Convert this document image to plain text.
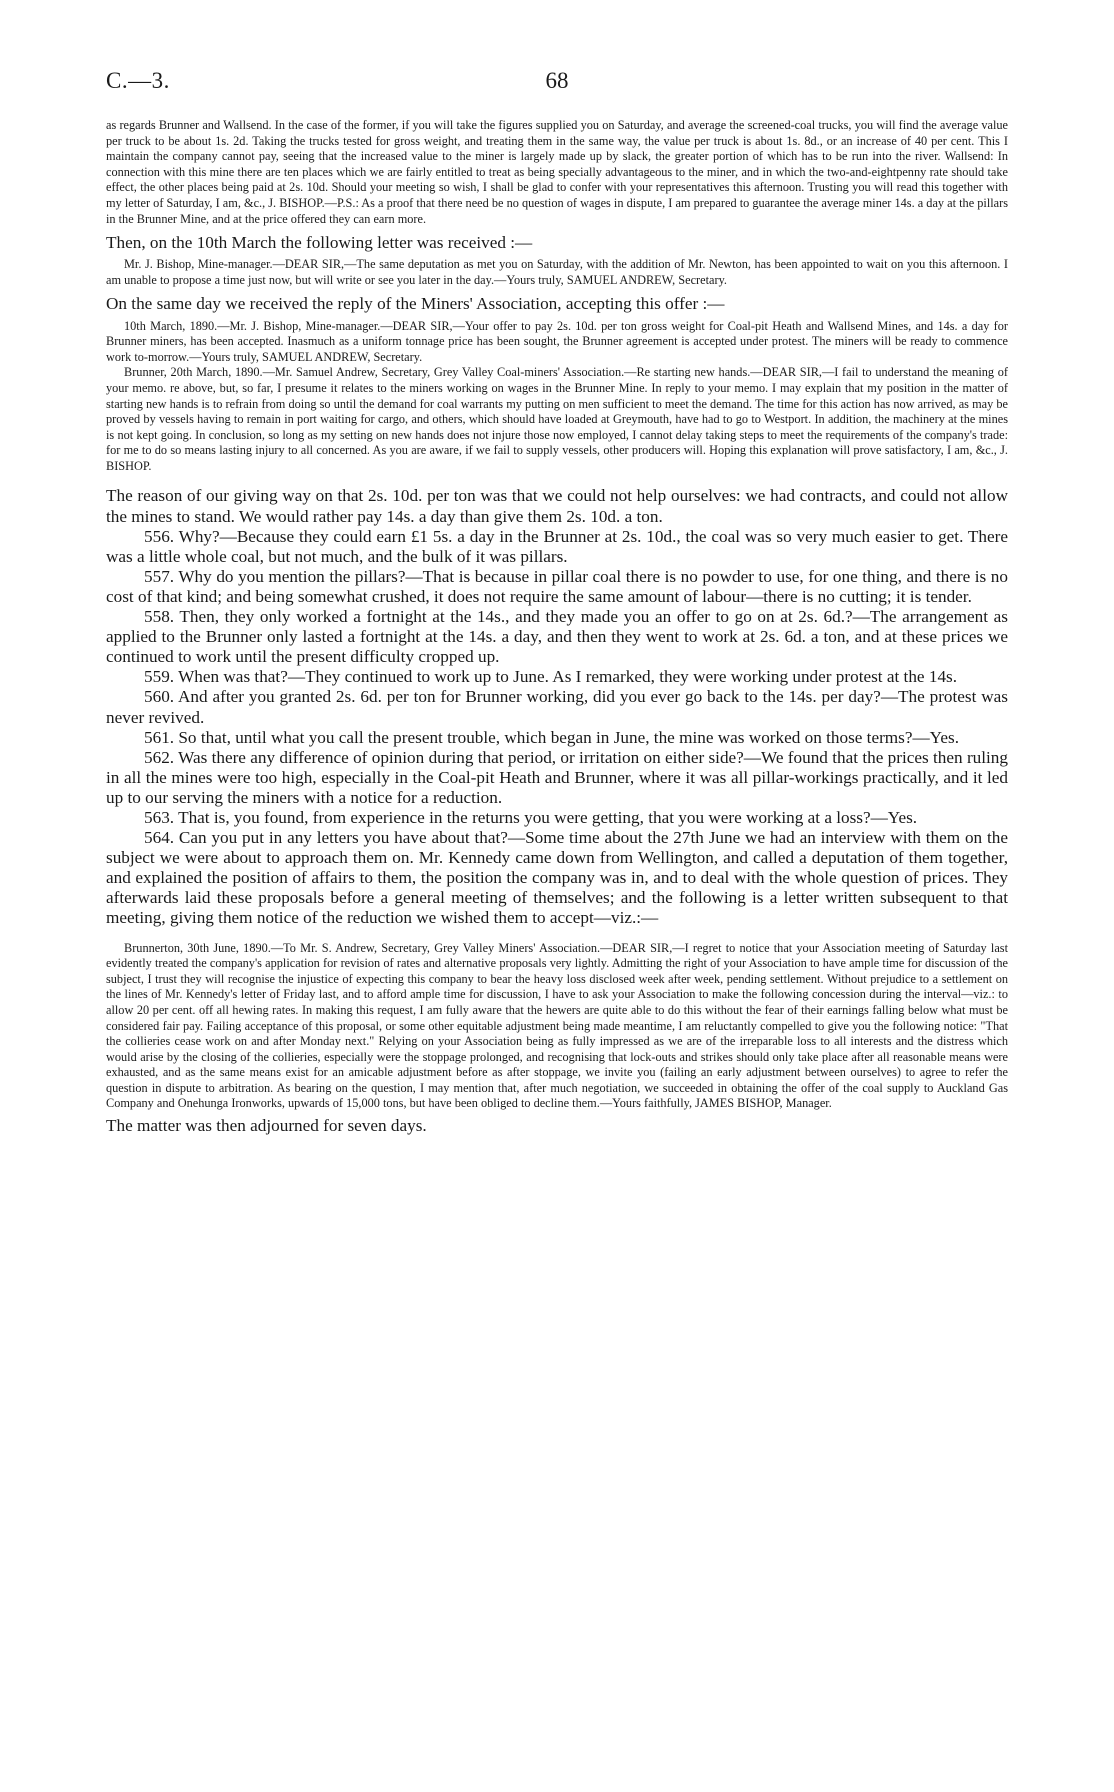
C.—3.	68

as regards Brunner and Wallsend. In the case of the former, if you will take the figures supplied you on Saturday, and average the screened-coal trucks, you will find the average value per truck to be about 1s. 2d. Taking the trucks tested for gross weight, and treating them in the same way, the value per truck is about 1s. 8d., or an increase of 40 per cent. This I maintain the company cannot pay, seeing that the increased value to the miner is largely made up by slack, the greater portion of which has to be run into the river. Wallsend: In connection with this mine there are ten places which we are fairly entitled to treat as being specially advantageous to the miner, and in which the two-and-eightpenny rate should take effect, the other places being paid at 2s. 10d. Should your meeting so wish, I shall be glad to confer with your representatives this afternoon. Trusting you will read this together with my letter of Saturday, I am, &c., J. BISHOP.—P.S.: As a proof that there need be no question of wages in dispute, I am prepared to guarantee the average miner 14s. a day at the pillars in the Brunner Mine, and at the price offered they can earn more.

Then, on the 10th March the following letter was received :—

Mr. J. Bishop, Mine-manager.—DEAR SIR,—The same deputation as met you on Saturday, with the addition of Mr. Newton, has been appointed to wait on you this afternoon. I am unable to propose a time just now, but will write or see you later in the day.—Yours truly, SAMUEL ANDREW, Secretary.

On the same day we received the reply of the Miners' Association, accepting this offer :—

10th March, 1890.—Mr. J. Bishop, Mine-manager.—DEAR SIR,—Your offer to pay 2s. 10d. per ton gross weight for Coal-pit Heath and Wallsend Mines, and 14s. a day for Brunner miners, has been accepted. Inasmuch as a uniform tonnage price has been sought, the Brunner agreement is accepted under protest. The miners will be ready to commence work to-morrow.—Yours truly, SAMUEL ANDREW, Secretary.

Brunner, 20th March, 1890.—Mr. Samuel Andrew, Secretary, Grey Valley Coal-miners' Association.—Re starting new hands.—DEAR SIR,—I fail to understand the meaning of your memo. re above, but, so far, I presume it relates to the miners working on wages in the Brunner Mine. In reply to your memo. I may explain that my position in the matter of starting new hands is to refrain from doing so until the demand for coal warrants my putting on men sufficient to meet the demand. The time for this action has now arrived, as may be proved by vessels having to remain in port waiting for cargo, and others, which should have loaded at Greymouth, have had to go to Westport. In addition, the machinery at the mines is not kept going. In conclusion, so long as my setting on new hands does not injure those now employed, I cannot delay taking steps to meet the requirements of the company's trade: for me to do so means lasting injury to all concerned. As you are aware, if we fail to supply vessels, other producers will. Hoping this explanation will prove satisfactory, I am, &c., J. BISHOP.

The reason of our giving way on that 2s. 10d. per ton was that we could not help ourselves: we had contracts, and could not allow the mines to stand. We would rather pay 14s. a day than give them 2s. 10d. a ton.

556. Why?—Because they could earn £1 5s. a day in the Brunner at 2s. 10d., the coal was so very much easier to get. There was a little whole coal, but not much, and the bulk of it was pillars.

557. Why do you mention the pillars?—That is because in pillar coal there is no powder to use, for one thing, and there is no cost of that kind; and being somewhat crushed, it does not require the same amount of labour—there is no cutting; it is tender.

558. Then, they only worked a fortnight at the 14s., and they made you an offer to go on at 2s. 6d.?—The arrangement as applied to the Brunner only lasted a fortnight at the 14s. a day, and then they went to work at 2s. 6d. a ton, and at these prices we continued to work until the present difficulty cropped up.

559. When was that?—They continued to work up to June. As I remarked, they were working under protest at the 14s.

560. And after you granted 2s. 6d. per ton for Brunner working, did you ever go back to the 14s. per day?—The protest was never revived.

561. So that, until what you call the present trouble, which began in June, the mine was worked on those terms?—Yes.

562. Was there any difference of opinion during that period, or irritation on either side?—We found that the prices then ruling in all the mines were too high, especially in the Coal-pit Heath and Brunner, where it was all pillar-workings practically, and it led up to our serving the miners with a notice for a reduction.

563. That is, you found, from experience in the returns you were getting, that you were working at a loss?—Yes.

564. Can you put in any letters you have about that?—Some time about the 27th June we had an interview with them on the subject we were about to approach them on. Mr. Kennedy came down from Wellington, and called a deputation of them together, and explained the position of affairs to them, the position the company was in, and to deal with the whole question of prices. They afterwards laid these proposals before a general meeting of themselves; and the following is a letter written subsequent to that meeting, giving them notice of the reduction we wished them to accept—viz.:—

Brunnerton, 30th June, 1890.—To Mr. S. Andrew, Secretary, Grey Valley Miners' Association.—DEAR SIR,—I regret to notice that your Association meeting of Saturday last evidently treated the company's application for revision of rates and alternative proposals very lightly. Admitting the right of your Association to have ample time for discussion of the subject, I trust they will recognise the injustice of expecting this company to bear the heavy loss disclosed week after week, pending settlement. Without prejudice to a settlement on the lines of Mr. Kennedy's letter of Friday last, and to afford ample time for discussion, I have to ask your Association to make the following concession during the interval—viz.: to allow 20 per cent. off all hewing rates. In making this request, I am fully aware that the hewers are quite able to do this without the fear of their earnings falling below what must be considered fair pay. Failing acceptance of this proposal, or some other equitable adjustment being made meantime, I am reluctantly compelled to give you the following notice: "That the collieries cease work on and after Monday next." Relying on your Association being as fully impressed as we are of the irreparable loss to all interests and the distress which would arise by the closing of the collieries, especially were the stoppage prolonged, and recognising that lock-outs and strikes should only take place after all reasonable means were exhausted, and as the same means exist for an amicable adjustment before as after stoppage, we invite you (failing an early adjustment between ourselves) to agree to refer the question in dispute to arbitration. As bearing on the question, I may mention that, after much negotiation, we succeeded in obtaining the offer of the coal supply to Auckland Gas Company and Onehunga Ironworks, upwards of 15,000 tons, but have been obliged to decline them.—Yours faithfully, JAMES BISHOP, Manager.

The matter was then adjourned for seven days.
